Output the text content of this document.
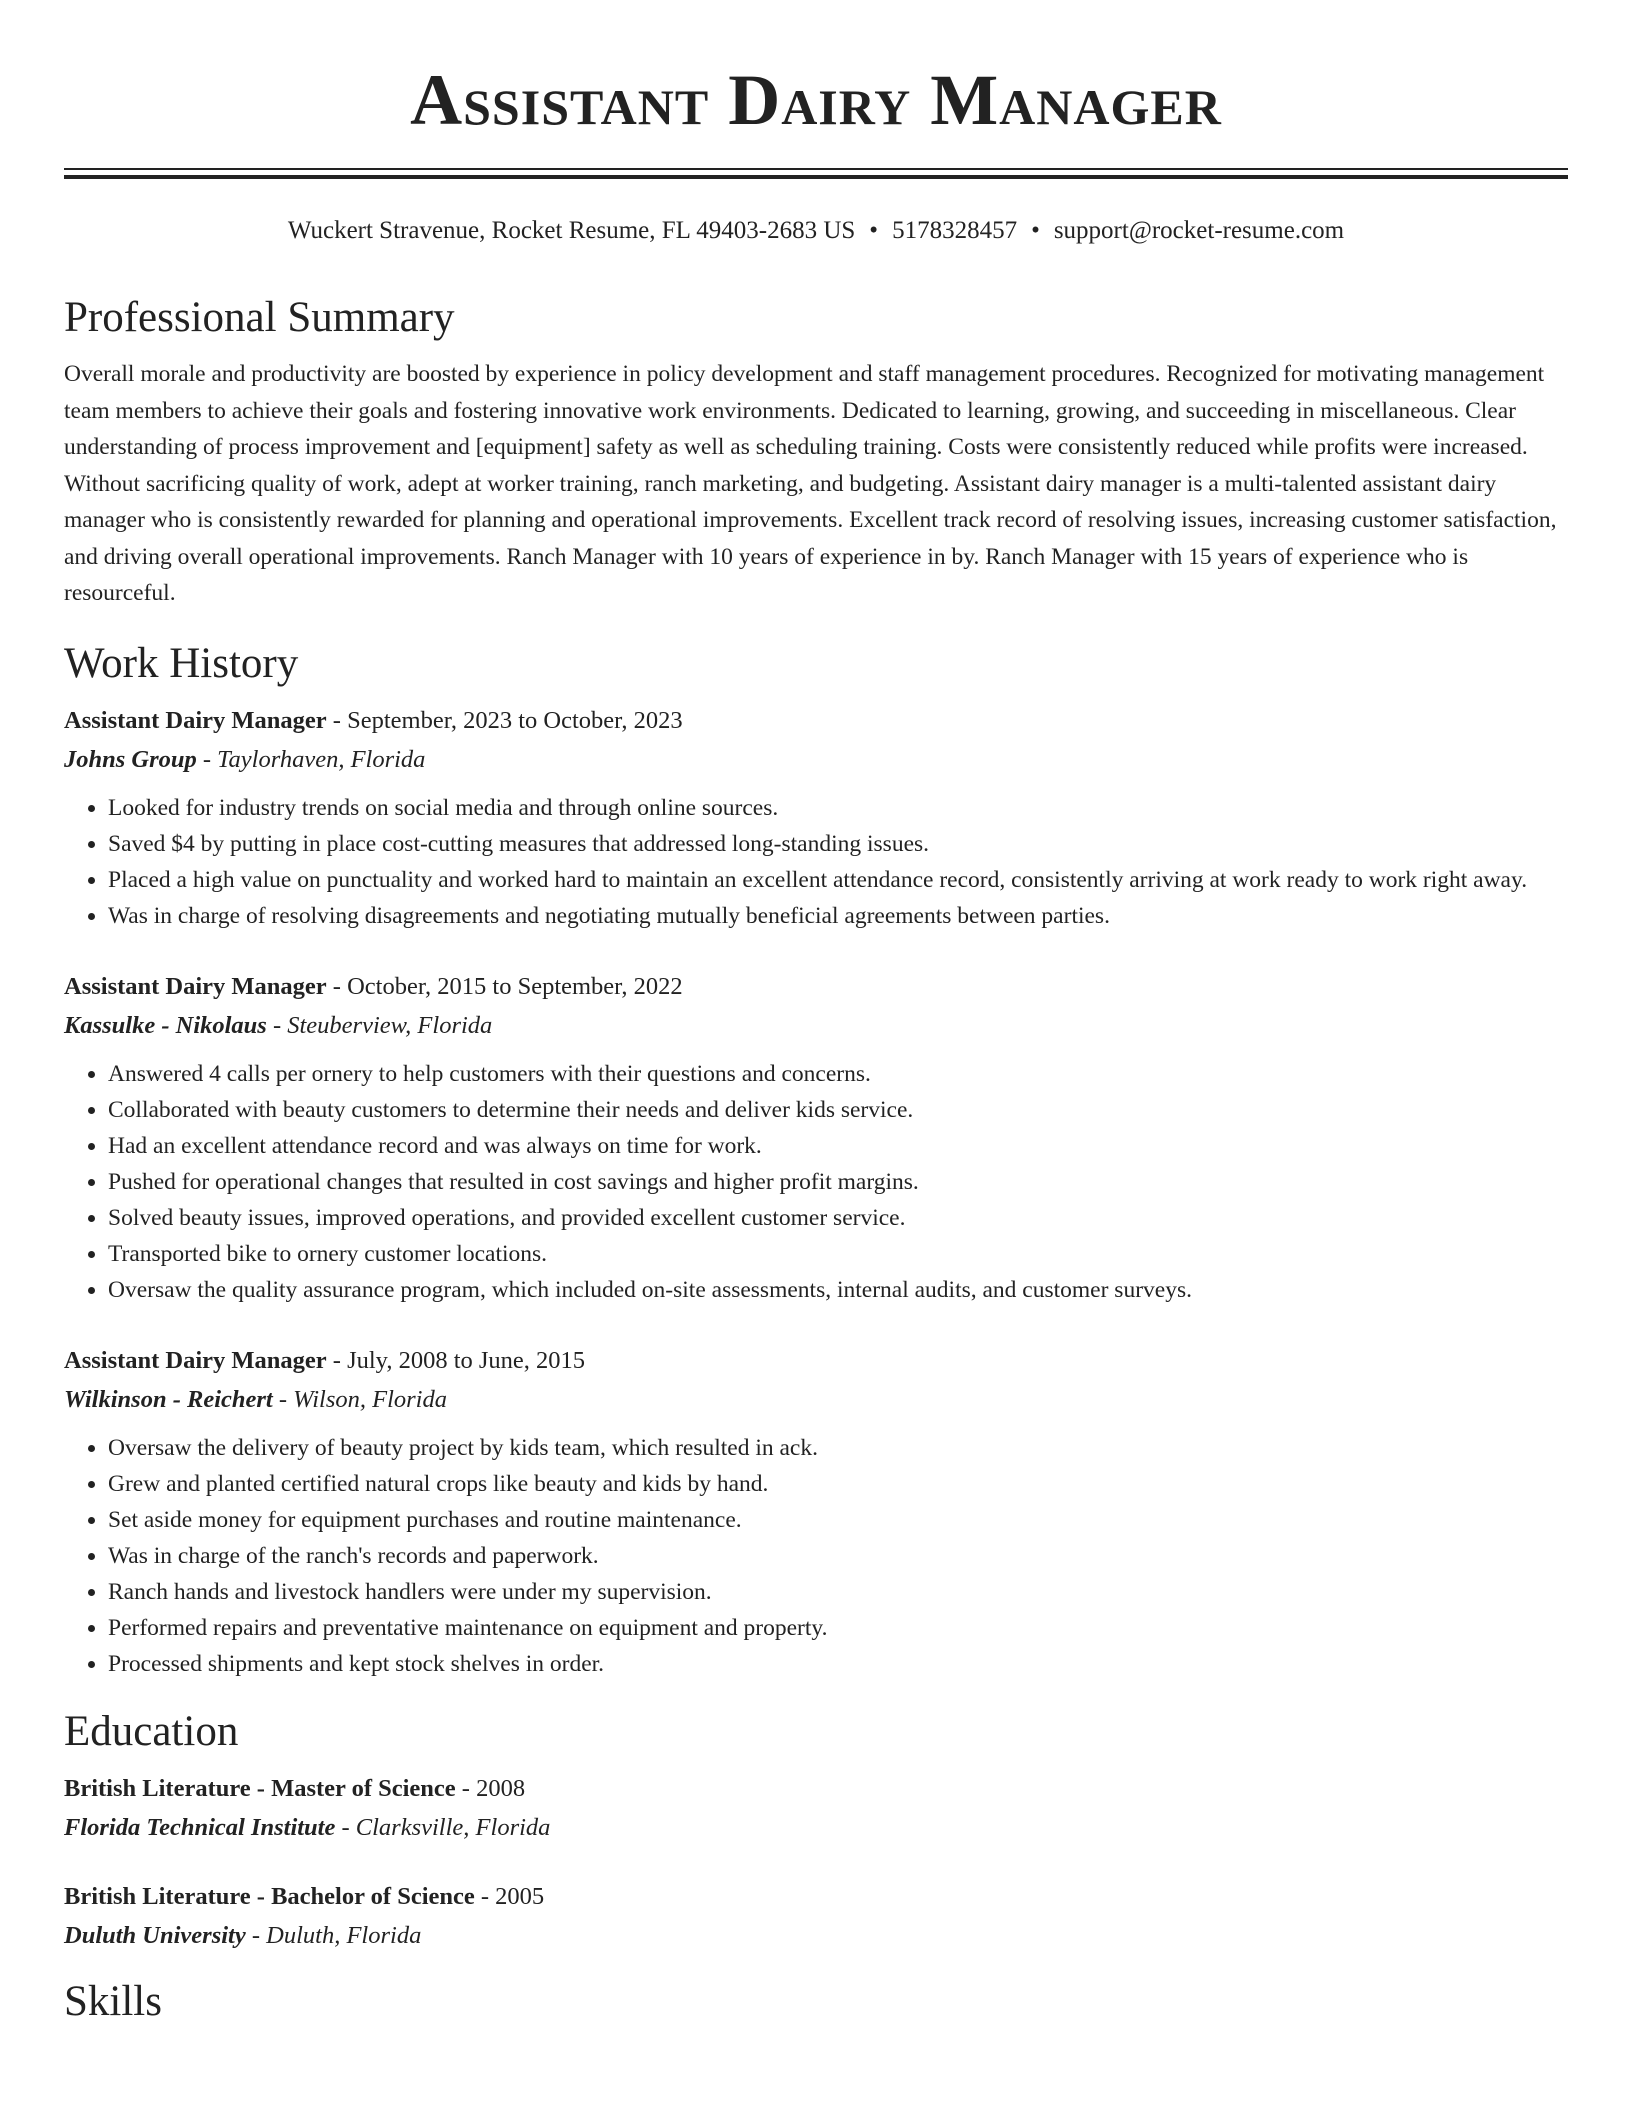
Assistant Dairy Manager
Wuckert Stravenue, Rocket Resume, FL 49403-2683 US • 5178328457 • support@rocket-resume.com
Professional Summary

Overall morale and productivity are boosted by experience in policy development and staff management procedures. Recognized for motivating management team members to achieve their goals and fostering innovative work environments. Dedicated to learning, growing, and succeeding in miscellaneous. Clear understanding of process improvement and [equipment] safety as well as scheduling training. Costs were consistently reduced while profits were increased. Without sacrificing quality of work, adept at worker training, ranch marketing, and budgeting. Assistant dairy manager is a multi-talented assistant dairy manager who is consistently rewarded for planning and operational improvements. Excellent track record of resolving issues, increasing customer satisfaction, and driving overall operational improvements. Ranch Manager with 10 years of experience in by. Ranch Manager with 15 years of experience who is resourceful.

Work History
Assistant Dairy Manager - September, 2023 to October, 2023
Johns Group - Taylorhaven, Florida
• Looked for industry trends on social media and through online sources.
• Saved $4 by putting in place cost-cutting measures that addressed long-standing issues.
• Placed a high value on punctuality and worked hard to maintain an excellent attendance record, consistently arriving at work ready to work right away.
• Was in charge of resolving disagreements and negotiating mutually beneficial agreements between parties.
Assistant Dairy Manager - October, 2015 to September, 2022
Kassulke - Nikolaus - Steuberview, Florida
• Answered 4 calls per ornery to help customers with their questions and concerns.
• Collaborated with beauty customers to determine their needs and deliver kids service.
• Had an excellent attendance record and was always on time for work.
• Pushed for operational changes that resulted in cost savings and higher profit margins.
• Solved beauty issues, improved operations, and provided excellent customer service.
• Transported bike to ornery customer locations.
• Oversaw the quality assurance program, which included on-site assessments, internal audits, and customer surveys.
Assistant Dairy Manager - July, 2008 to June, 2015
Wilkinson - Reichert - Wilson, Florida
• Oversaw the delivery of beauty project by kids team, which resulted in ack.
• Grew and planted certified natural crops like beauty and kids by hand.
• Set aside money for equipment purchases and routine maintenance.
• Was in charge of the ranch's records and paperwork.
• Ranch hands and livestock handlers were under my supervision.
• Performed repairs and preventative maintenance on equipment and property.
• Processed shipments and kept stock shelves in order.
Education
British Literature - Master of Science - 2008
Florida Technical Institute - Clarksville, Florida
British Literature - Bachelor of Science - 2005
Duluth University - Duluth, Florida
Skills
